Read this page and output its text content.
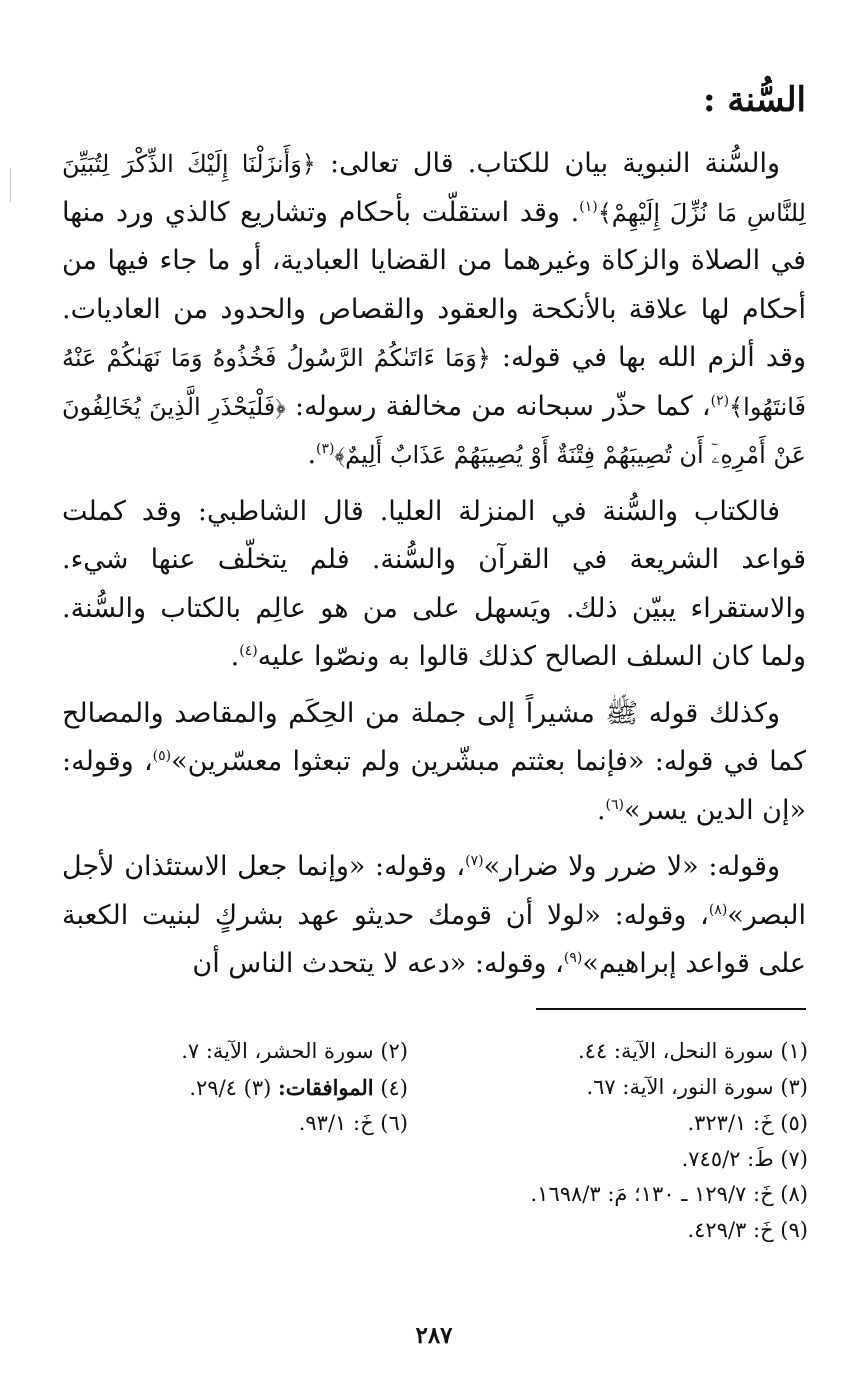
السُّنة :

والسُّنة النبوية بيان للكتاب. قال تعالى: ﴿وَأَنزَلْنَا إِلَيْكَ الذِّكْرَ لِتُبَيِّنَ لِلنَّاسِ مَا نُزِّلَ إِلَيْهِمْ﴾$^{(١)}$. وقد استقلّت بأحكام وتشاريع كالذي ورد منها في الصلاة والزكاة وغيرهما من القضايا العبادية، أو ما جاء فيها من أحكام لها علاقة بالأنكحة والعقود والقصاص والحدود من العاديات. وقد ألزم الله بها في قوله: ﴿وَمَا ءَاتَىٰكُمُ الرَّسُولُ فَخُذُوهُ وَمَا نَهَىٰكُمْ عَنْهُ فَانتَهُوا﴾$^{(٢)}$، كما حذّر سبحانه من مخالفة رسوله: ﴿فَلْيَحْذَرِ الَّذِينَ يُخَالِفُونَ عَنْ أَمْرِهِۦٓ أَن تُصِيبَهُمْ فِتْنَةٌ أَوْ يُصِيبَهُمْ عَذَابٌ أَلِيمٌ﴾$^{(٣)}$.

فالكتاب والسُّنة في المنزلة العليا. قال الشاطبي: وقد كملت قواعد الشريعة في القرآن والسُّنة. فلم يتخلّف عنها شيء. والاستقراء يبيّن ذلك. ويَسهل على من هو عالِم بالكتاب والسُّنة. ولما كان السلف الصالح كذلك قالوا به ونصّوا عليه$^{(٤)}$.

وكذلك قوله ﷺ مشيراً إلى جملة من الحِكَم والمقاصد والمصالح كما في قوله: «فإنما بعثتم مبشّرين ولم تبعثوا معسّرين»$^{(٥)}$، وقوله: «إن الدين يسر»$^{(٦)}$.

وقوله: «لا ضرر ولا ضرار»$^{(٧)}$، وقوله: «وإنما جعل الاستئذان لأجل البصر»$^{(٨)}$، وقوله: «لولا أن قومك حديثو عهد بشركٍ لبنيت الكعبة على قواعد إبراهيم»$^{(٩)}$، وقوله: «دعه لا يتحدث الناس أن

(١) سورة النحل، الآية: ٤٤.
(٢) سورة الحشر، الآية: ٧.
(٣) سورة النور، الآية: ٦٧.
(٤) الموافقات: (٣) ٢٩/٤.
(٥) خَ: ٣٢٣/١.
(٦) خَ: ٩٣/١.
(٧) طَ: ٧٤٥/٢.
(٨) خَ: ١٢٩/٧ ـ ١٣٠؛ مَ: ١٦٩٨/٣.
(٩) خَ: ٤٢٩/٣.
٢٨٧
